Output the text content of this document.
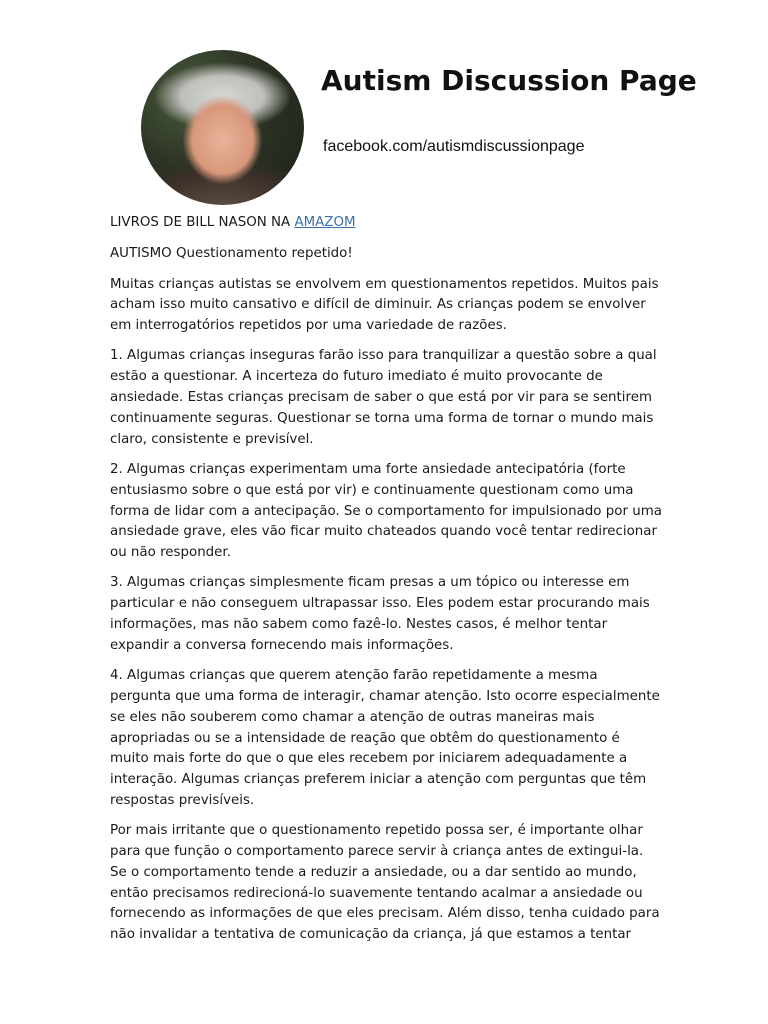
Autism Discussion Page
facebook.com/autismdiscussionpage

LIVROS DE BILL NASON NA AMAZOM

AUTISMO Questionamento repetido!

Muitas crianças autistas se envolvem em questionamentos repetidos. Muitos pais acham isso muito cansativo e difícil de diminuir. As crianças podem se envolver em interrogatórios repetidos por uma variedade de razões.

1. Algumas crianças inseguras farão isso para tranquilizar a questão sobre a qual estão a questionar. A incerteza do futuro imediato é muito provocante de ansiedade. Estas crianças precisam de saber o que está por vir para se sentirem continuamente seguras. Questionar se torna uma forma de tornar o mundo mais claro, consistente e previsível.

2. Algumas crianças experimentam uma forte ansiedade antecipatória (forte entusiasmo sobre o que está por vir) e continuamente questionam como uma forma de lidar com a antecipação. Se o comportamento for impulsionado por uma ansiedade grave, eles vão ficar muito chateados quando você tentar redirecionar ou não responder.

3. Algumas crianças simplesmente ficam presas a um tópico ou interesse em particular e não conseguem ultrapassar isso. Eles podem estar procurando mais informações, mas não sabem como fazê-lo. Nestes casos, é melhor tentar expandir a conversa fornecendo mais informações.

4. Algumas crianças que querem atenção farão repetidamente a mesma pergunta que uma forma de interagir, chamar atenção. Isto ocorre especialmente se eles não souberem como chamar a atenção de outras maneiras mais apropriadas ou se a intensidade de reação que obtêm do questionamento é muito mais forte do que o que eles recebem por iniciarem adequadamente a interação. Algumas crianças preferem iniciar a atenção com perguntas que têm respostas previsíveis.

Por mais irritante que o questionamento repetido possa ser, é importante olhar para que função o comportamento parece servir à criança antes de extingui-la. Se o comportamento tende a reduzir a ansiedade, ou a dar sentido ao mundo, então precisamos redirecioná-lo suavemente tentando acalmar a ansiedade ou fornecendo as informações de que eles precisam. Além disso, tenha cuidado para não invalidar a tentativa de comunicação da criança, já que estamos a tentar
